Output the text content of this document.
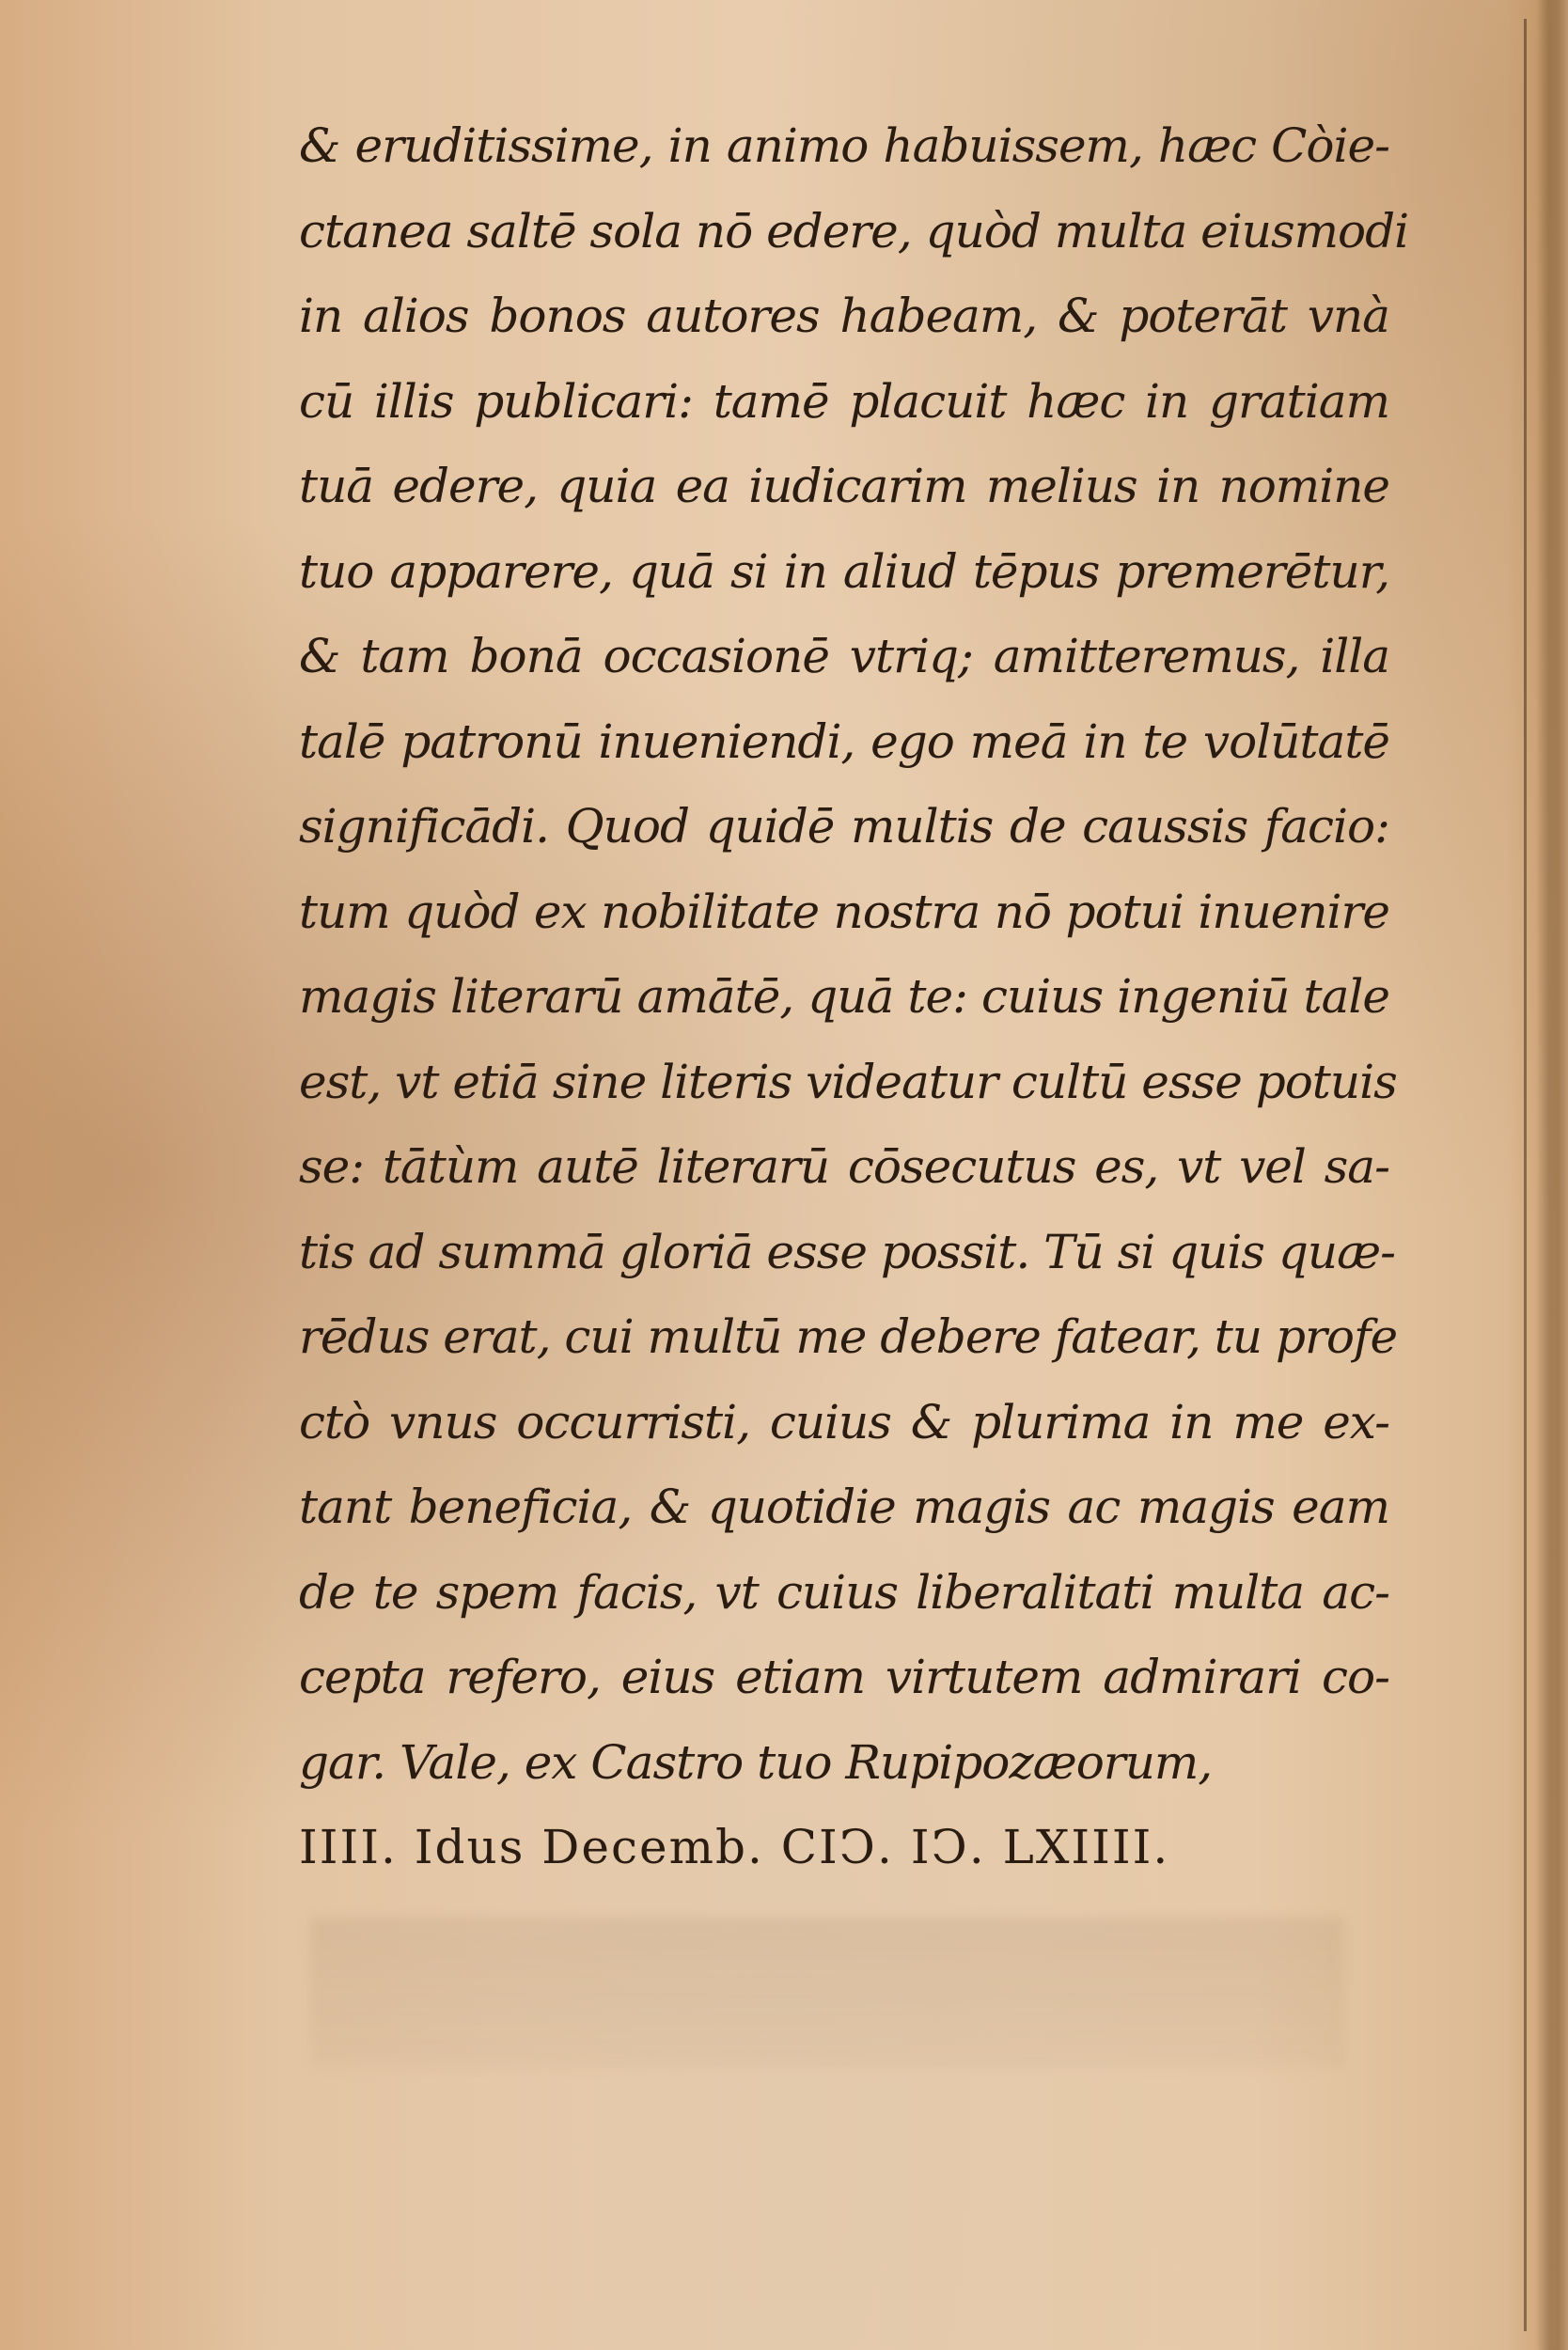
& eruditissime, in animo habuissem, hæc Còie-
ctanea saltē sola nō edere, quòd multa eiusmodi
in alios bonos autores habeam, & poterāt vnà
cū illis publicari: tamē placuit hæc in gratiam
tuā edere, quia ea iudicarim melius in nomine
tuo apparere, quā si in aliud tēpus premerētur,
& tam bonā occasionē vtriq; amitteremus, illa
talē patronū inueniendi, ego meā in te volūtatē
significādi. Quod quidē multis de caussis facio:
tum quòd ex nobilitate nostra nō potui inuenire
magis literarū amātē, quā te: cuius ingeniū tale
est, vt etiā sine literis videatur cultū esse potuis
se: tātùm autē literarū cōsecutus es, vt vel sa-
tis ad summā gloriā esse possit. Tū si quis quæ-
rēdus erat, cui multū me debere fatear, tu profe
ctò vnus occurristi, cuius & plurima in me ex-
tant beneficia, & quotidie magis ac magis eam
de te spem facis, vt cuius liberalitati multa ac-
cepta refero, eius etiam virtutem admirari co-
gar. Vale, ex Castro tuo Rupipozæorum,
IIII. Idus Decemb. CIↃ. IↃ. LXIIII.
